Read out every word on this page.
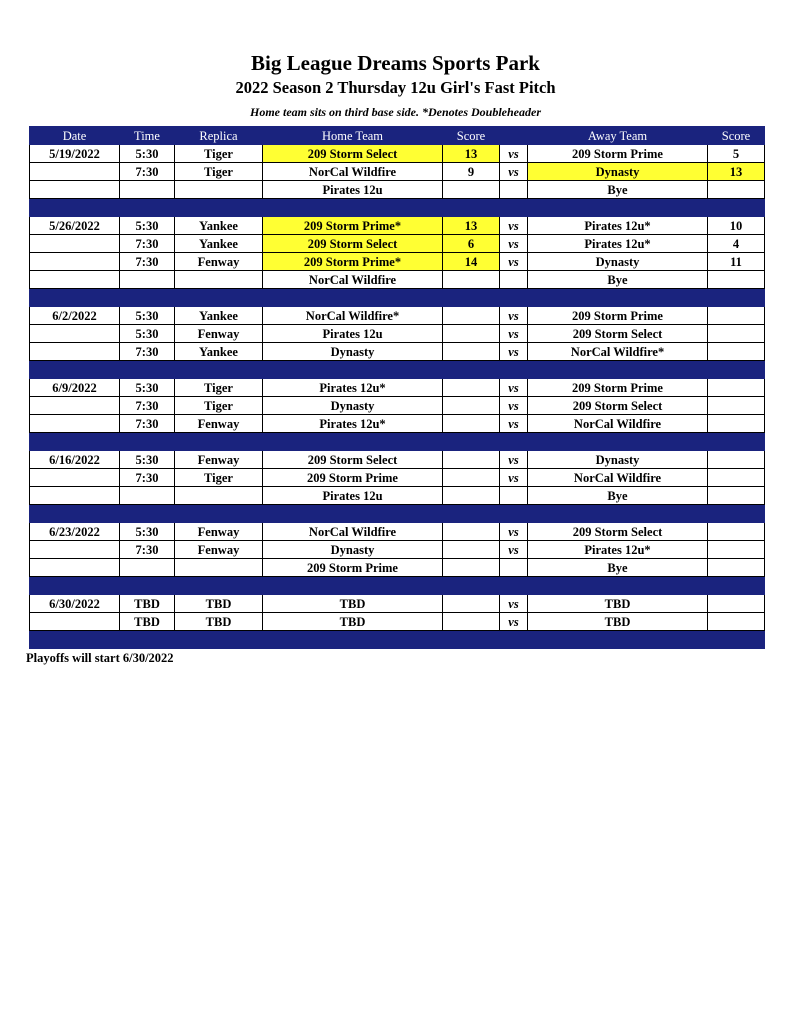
Big League Dreams Sports Park
2022 Season 2 Thursday 12u Girl's Fast Pitch
Home team sits on third base side. *Denotes Doubleheader
Date	Time	Replica	Home Team	Score		Away Team	Score
5/19/2022	5:30	Tiger	209 Storm Select	13	vs	209 Storm Prime	5
	7:30	Tiger	NorCal Wildfire	9	vs	Dynasty	13
			Pirates 12u			Bye	

5/26/2022	5:30	Yankee	209 Storm Prime*	13	vs	Pirates 12u*	10
	7:30	Yankee	209 Storm Select	6	vs	Pirates 12u*	4
	7:30	Fenway	209 Storm Prime*	14	vs	Dynasty	11
			NorCal Wildfire			Bye	

6/2/2022	5:30	Yankee	NorCal Wildfire*		vs	209 Storm Prime	
	5:30	Fenway	Pirates 12u		vs	209 Storm Select	
	7:30	Yankee	Dynasty		vs	NorCal Wildfire*	

6/9/2022	5:30	Tiger	Pirates 12u*		vs	209 Storm Prime	
	7:30	Tiger	Dynasty		vs	209 Storm Select	
	7:30	Fenway	Pirates 12u*		vs	NorCal Wildfire	

6/16/2022	5:30	Fenway	209 Storm Select		vs	Dynasty	
	7:30	Tiger	209 Storm Prime		vs	NorCal Wildfire	
			Pirates 12u			Bye	

6/23/2022	5:30	Fenway	NorCal Wildfire		vs	209 Storm Select	
	7:30	Fenway	Dynasty		vs	Pirates 12u*	
			209 Storm Prime			Bye	

6/30/2022	TBD	TBD	TBD		vs	TBD	
	TBD	TBD	TBD		vs	TBD	

Playoffs will start 6/30/2022
